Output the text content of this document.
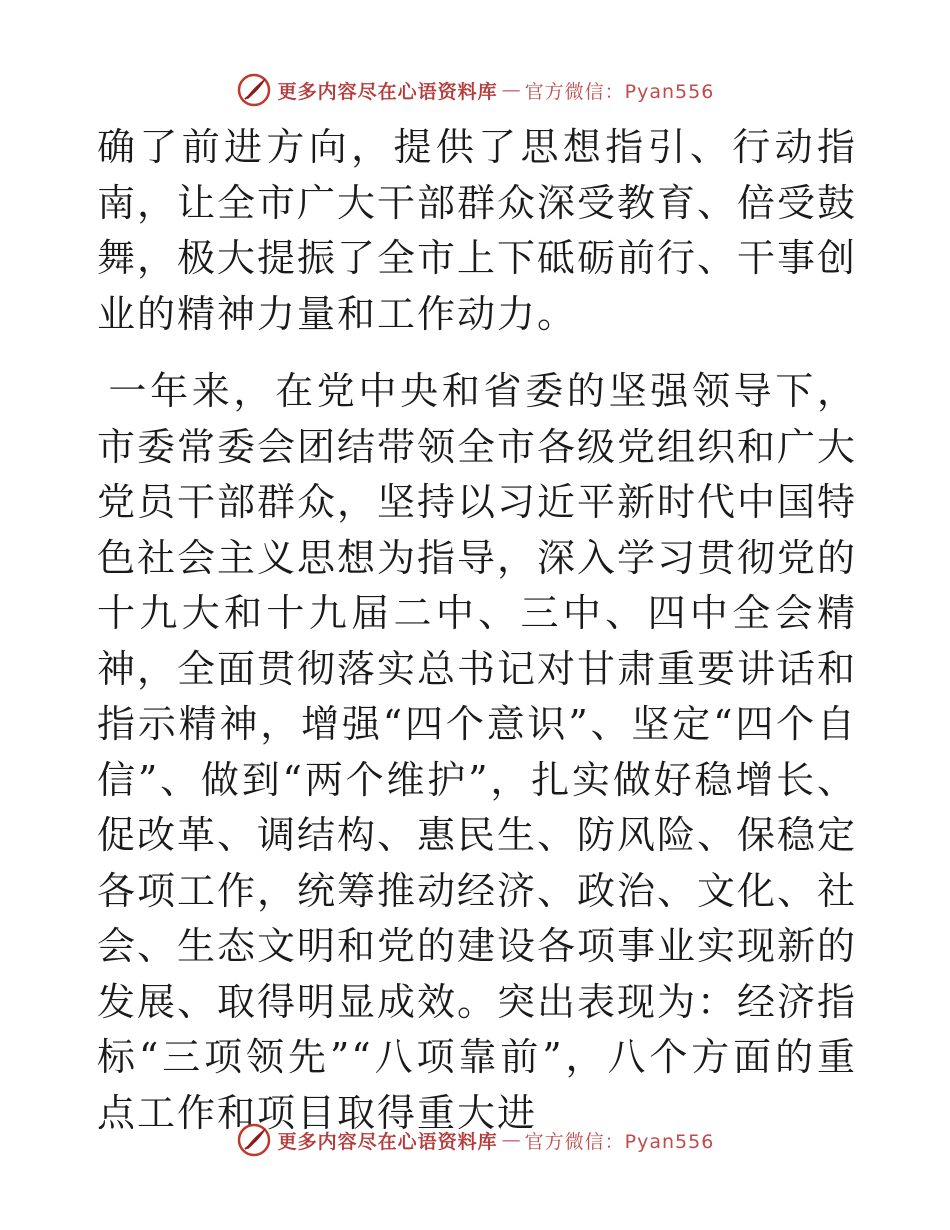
更多内容尽在心语资料库 — 官方微信：Pyan556

确了前进方向，提供了思想指引、行动指南，让全市广大干部群众深受教育、倍受鼓舞，极大提振了全市上下砥砺前行、干事创业的精神力量和工作动力。

一年来，在党中央和省委的坚强领导下，市委常委会团结带领全市各级党组织和广大党员干部群众，坚持以习近平新时代中国特色社会主义思想为指导，深入学习贯彻党的十九大和十九届二中、三中、四中全会精神，全面贯彻落实总书记对甘肃重要讲话和指示精神，增强“四个意识”、坚定“四个自信”、做到“两个维护”，扎实做好稳增长、促改革、调结构、惠民生、防风险、保稳定各项工作，统筹推动经济、政治、文化、社会、生态文明和党的建设各项事业实现新的发展、取得明显成效。突出表现为：经济指标“三项领先”“八项靠前”，八个方面的重点工作和项目取得重大进

更多内容尽在心语资料库 — 官方微信：Pyan556
